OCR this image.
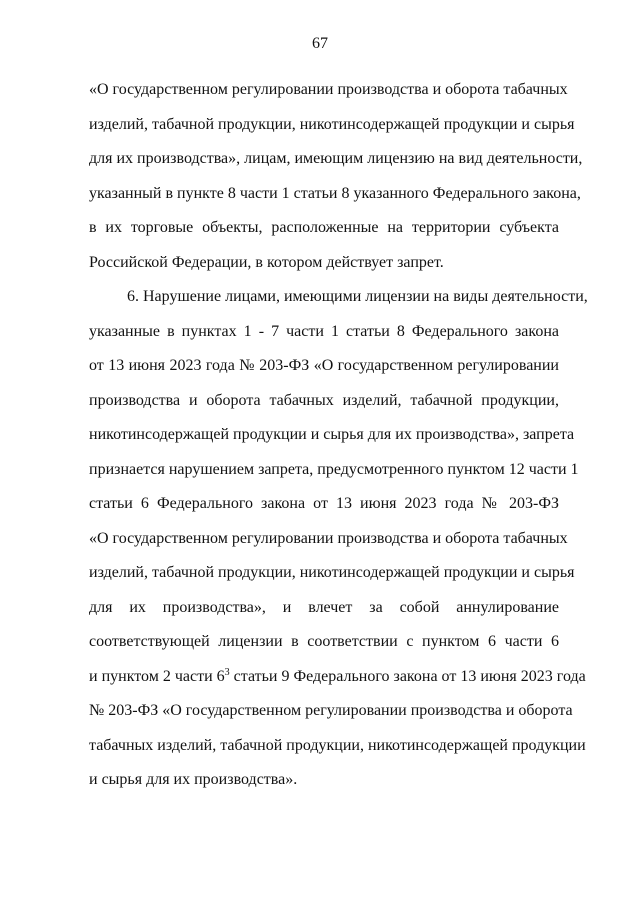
67
«О государственном регулировании производства и оборота табачных
изделий, табачной продукции, никотинсодержащей продукции и сырья
для их производства», лицам, имеющим лицензию на вид деятельности,
указанный в пункте 8 части 1 статьи 8 указанного Федерального закона,
в их торговые объекты, расположенные на территории субъекта
Российской Федерации, в котором действует запрет.
6. Нарушение лицами, имеющими лицензии на виды деятельности,
указанные в пунктах 1 - 7 части 1 статьи 8 Федерального закона
от 13 июня 2023 года № 203-ФЗ «О государственном регулировании
производства и оборота табачных изделий, табачной продукции,
никотинсодержащей продукции и сырья для их производства», запрета
признается нарушением запрета, предусмотренного пунктом 12 части 1
статьи 6 Федерального закона от 13 июня 2023 года № 203-ФЗ
«О государственном регулировании производства и оборота табачных
изделий, табачной продукции, никотинсодержащей продукции и сырья
для их производства», и влечет за собой аннулирование
соответствующей лицензии в соответствии с пунктом 6 части 6
и пунктом 2 части $6^3$ статьи 9 Федерального закона от 13 июня 2023 года
№ 203-ФЗ «О государственном регулировании производства и оборота
табачных изделий, табачной продукции, никотинсодержащей продукции
и сырья для их производства».
